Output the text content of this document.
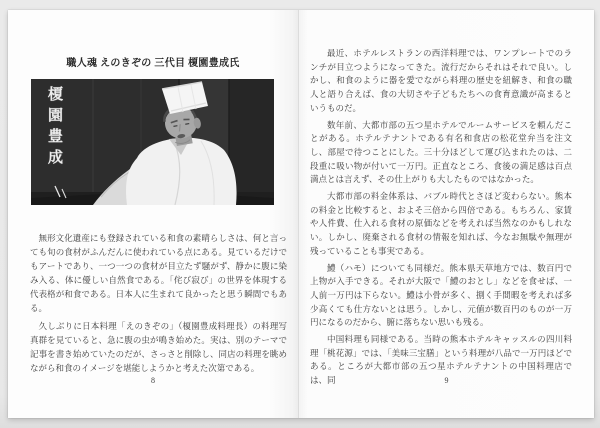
職人魂 えのきぞの 三代目 榎園豊成氏
榎園豊成

無形文化遺産にも登録されている和食の素晴らしさは、何と言っても旬の食材がふんだんに使われている点にある。見ているだけでもアートであり、一つ一つの食材が目立たず騒がず、静かに腹に染み入る、体に優しい自然食である。「侘び寂び」の世界を体現する代表格が和食である。日本人に生まれて良かったと思う瞬間でもある。

久しぶりに日本料理「えのきぞの」（榎園豊成料理長）の料理写真群を見ていると、急に腹の虫が鳴き始めた。実は、別のテーマで記事を書き始めていたのだが、さっさと削除し、同店の料理を眺めながら和食のイメージを堪能しようかと考えた次第である。

8

最近、ホテルレストランの西洋料理では、ワンプレートでのランチが目立つようになってきた。流行だからそれはそれで良い。しかし、和食のように器を愛でながら料理の歴史を紐解き、和食の職人と語り合えば、食の大切さや子どもたちへの食育意識が高まるというものだ。

数年前、大都市部の五つ星ホテルでルームサービスを頼んだことがある。ホテルテナントである有名和食店の松花堂弁当を注文し、部屋で待つことにした。三十分ほどして運び込まれたのは、二段重に吸い物が付いて一万円。正直なところ、食後の満足感は百点満点とは言えず、その仕上がりも大したものではなかった。

大都市部の料金体系は、バブル時代とさほど変わらない。熊本の料金と比較すると、およそ三倍から四倍である。もちろん、家賃や人件費、仕入れる食材の原価などを考えれば当然なのかもしれない。しかし、廃棄される食材の情報を知れば、今なお無駄や無理が残っていることも事実である。

鱧（ハモ）についても同様だ。熊本県天草地方では、数百円で上物が入手できる。それが大阪で「鱧のおとし」などを食せば、一人前一万円は下らない。鱧は小骨が多く、捌く手間暇を考えれば多少高くても仕方ないとは思う。しかし、元値が数百円のものが一万円になるのだから、腑に落ちない思いも残る。

中国料理も同様である。当時の熊本ホテルキャッスルの四川料理「桃花源」では、「美味三宝膳」という料理が八品で一万円ほどである。ところが大都市部の五つ星ホテルテナントの中国料理店では、同	9
